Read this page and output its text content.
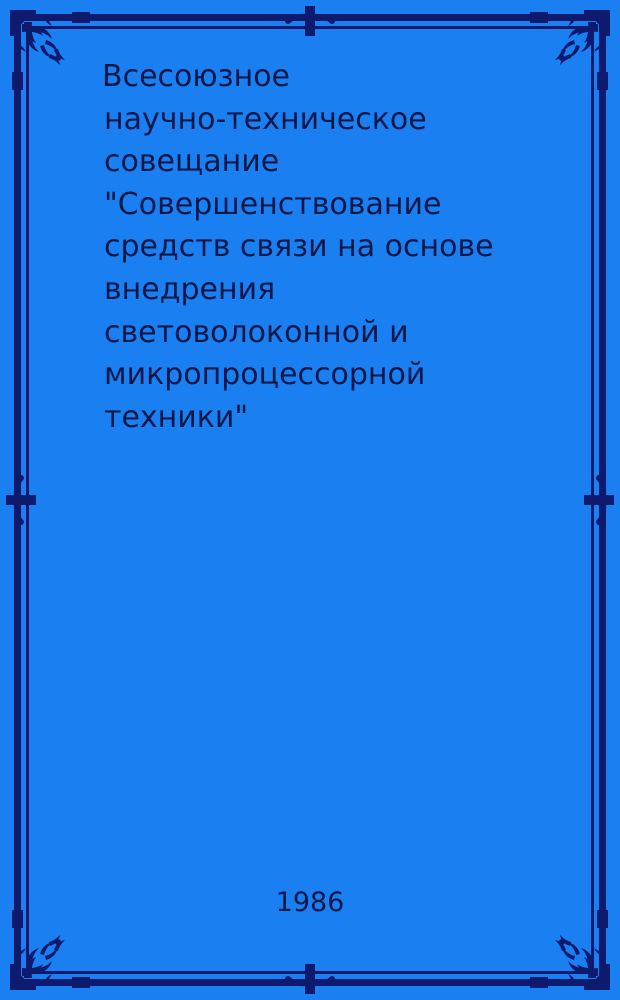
Всесоюзное
научно-техническое
совещание
"Совершенствование
средств связи на основе
внедрения
световолоконной и
микропроцессорной
техники"
1986
